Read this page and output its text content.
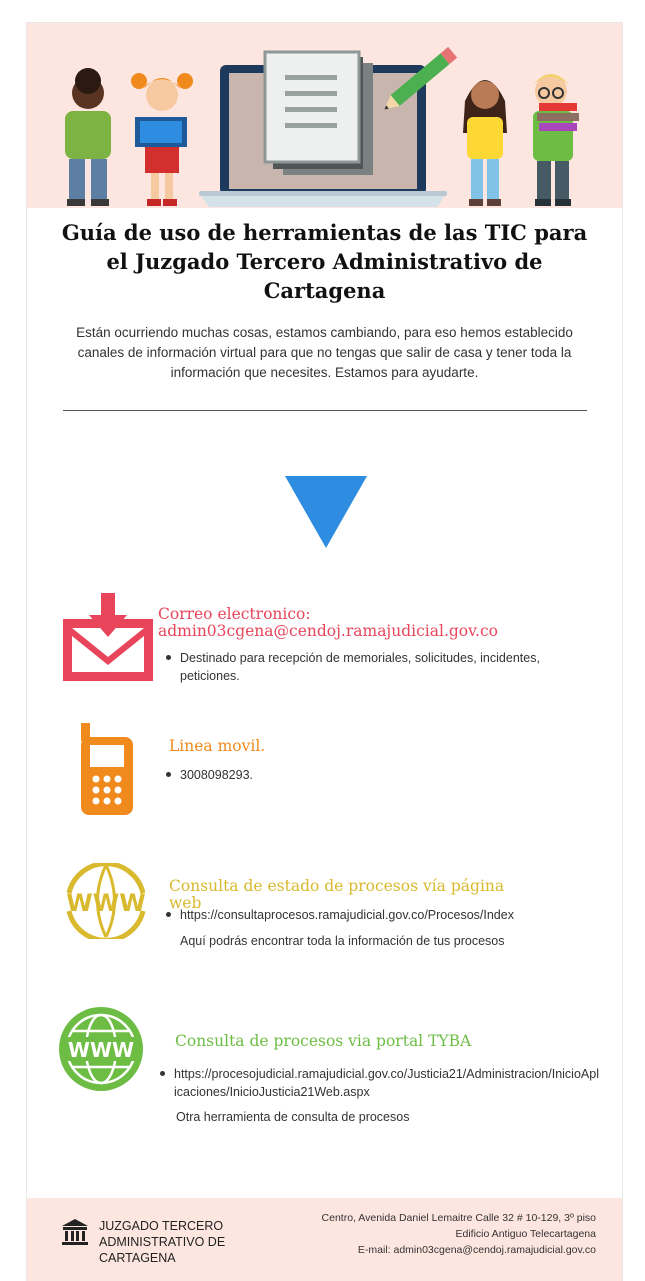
Guía de uso de herramientas de las TIC para el Juzgado Tercero Administrativo de Cartagena

Están ocurriendo muchas cosas, estamos cambiando, para eso hemos establecido canales de información virtual para que no tengas que salir de casa y tener toda la información que necesites. Estamos para ayudarte.

Correo electronico:
admin03cgena@cendoj.ramajudicial.gov.co

Destinado para recepción de memoriales, solicitudes, incidentes, peticiones.

Linea movil.

3008098293.

WWW
Consulta de estado de procesos vía página web

https://consultaprocesos.ramajudicial.gov.co/Procesos/Index

Aquí podrás encontrar toda la información de tus procesos

WWW	Consulta de procesos via portal TYBA

https://procesojudicial.ramajudicial.gov.co/Justicia21/Administracion/InicioAplicaciones/InicioJusticia21Web.aspx

Otra herramienta de consulta de procesos

JUZGADO TERCERO ADMINISTRATIVO DE CARTAGENA
Centro, Avenida Daniel Lemaitre Calle 32 # 10-129, 3º piso
Edificio Antiguo Telecartagena
E-mail: admin03cgena@cendoj.ramajudicial.gov.co
